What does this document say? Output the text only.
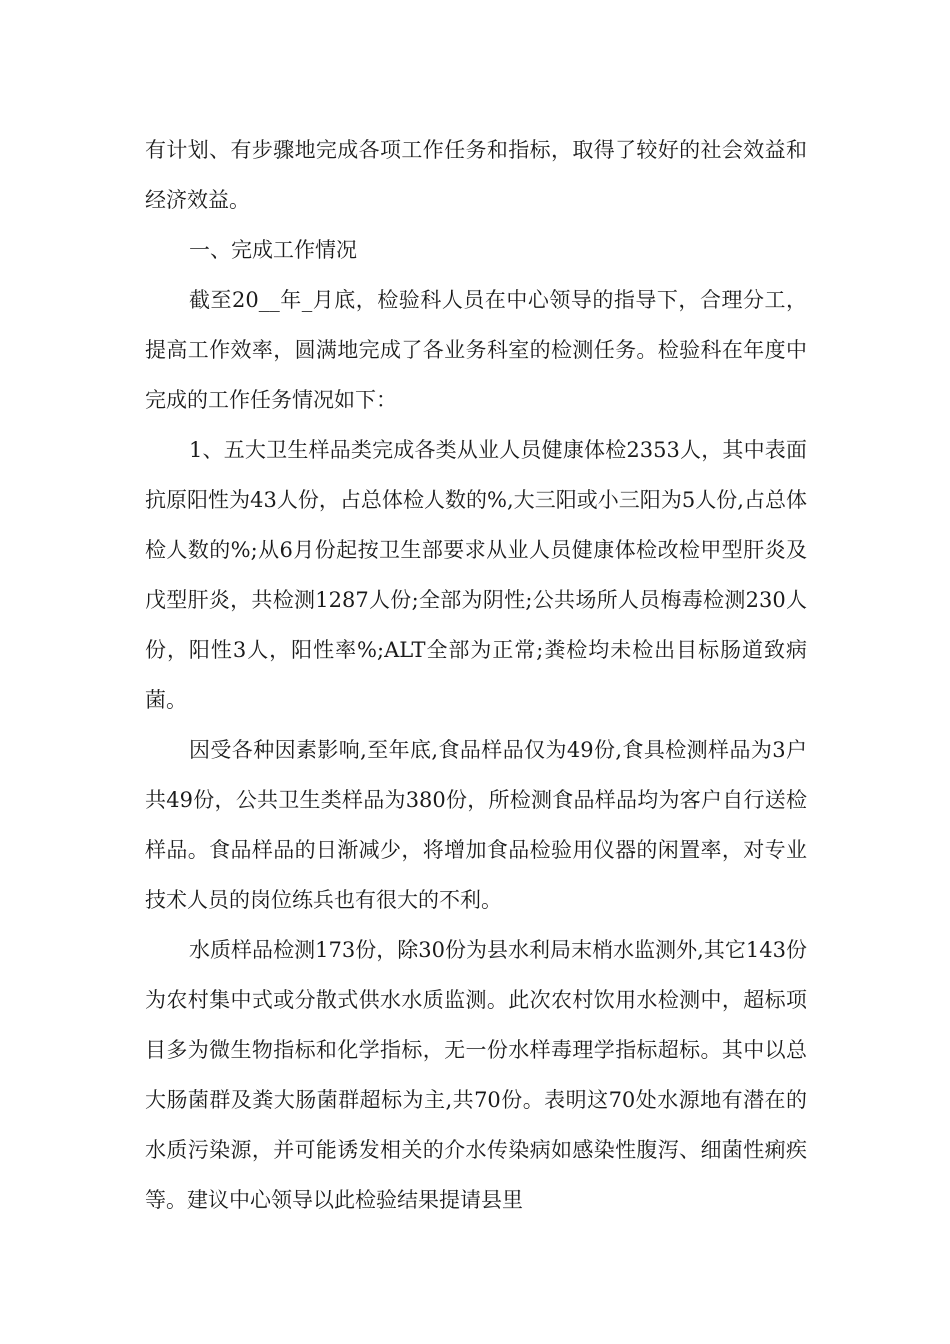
有计划、有步骤地完成各项工作任务和指标，取得了较好的社会效益和经济效益。

一、完成工作情况

截至20__年_月底，检验科人员在中心领导的指导下，合理分工，提高工作效率，圆满地完成了各业务科室的检测任务。检验科在年度中完成的工作任务情况如下：

1、五大卫生样品类完成各类从业人员健康体检2353人，其中表面抗原阳性为43人份，占总体检人数的%,大三阳或小三阳为5人份,占总体检人数的%;从6月份起按卫生部要求从业人员健康体检改检甲型肝炎及戊型肝炎，共检测1287人份;全部为阴性;公共场所人员梅毒检测230人份，阳性3人，阳性率%;ALT全部为正常;粪检均未检出目标肠道致病菌。

因受各种因素影响,至年底,食品样品仅为49份,食具检测样品为3户共49份，公共卫生类样品为380份，所检测食品样品均为客户自行送检样品。食品样品的日渐减少，将增加食品检验用仪器的闲置率，对专业技术人员的岗位练兵也有很大的不利。

水质样品检测173份，除30份为县水利局末梢水监测外,其它143份为农村集中式或分散式供水水质监测。此次农村饮用水检测中，超标项目多为微生物指标和化学指标，无一份水样毒理学指标超标。其中以总大肠菌群及粪大肠菌群超标为主,共70份。表明这70处水源地有潜在的水质污染源，并可能诱发相关的介水传染病如感染性腹泻、细菌性痢疾等。建议中心领导以此检验结果提请县里
